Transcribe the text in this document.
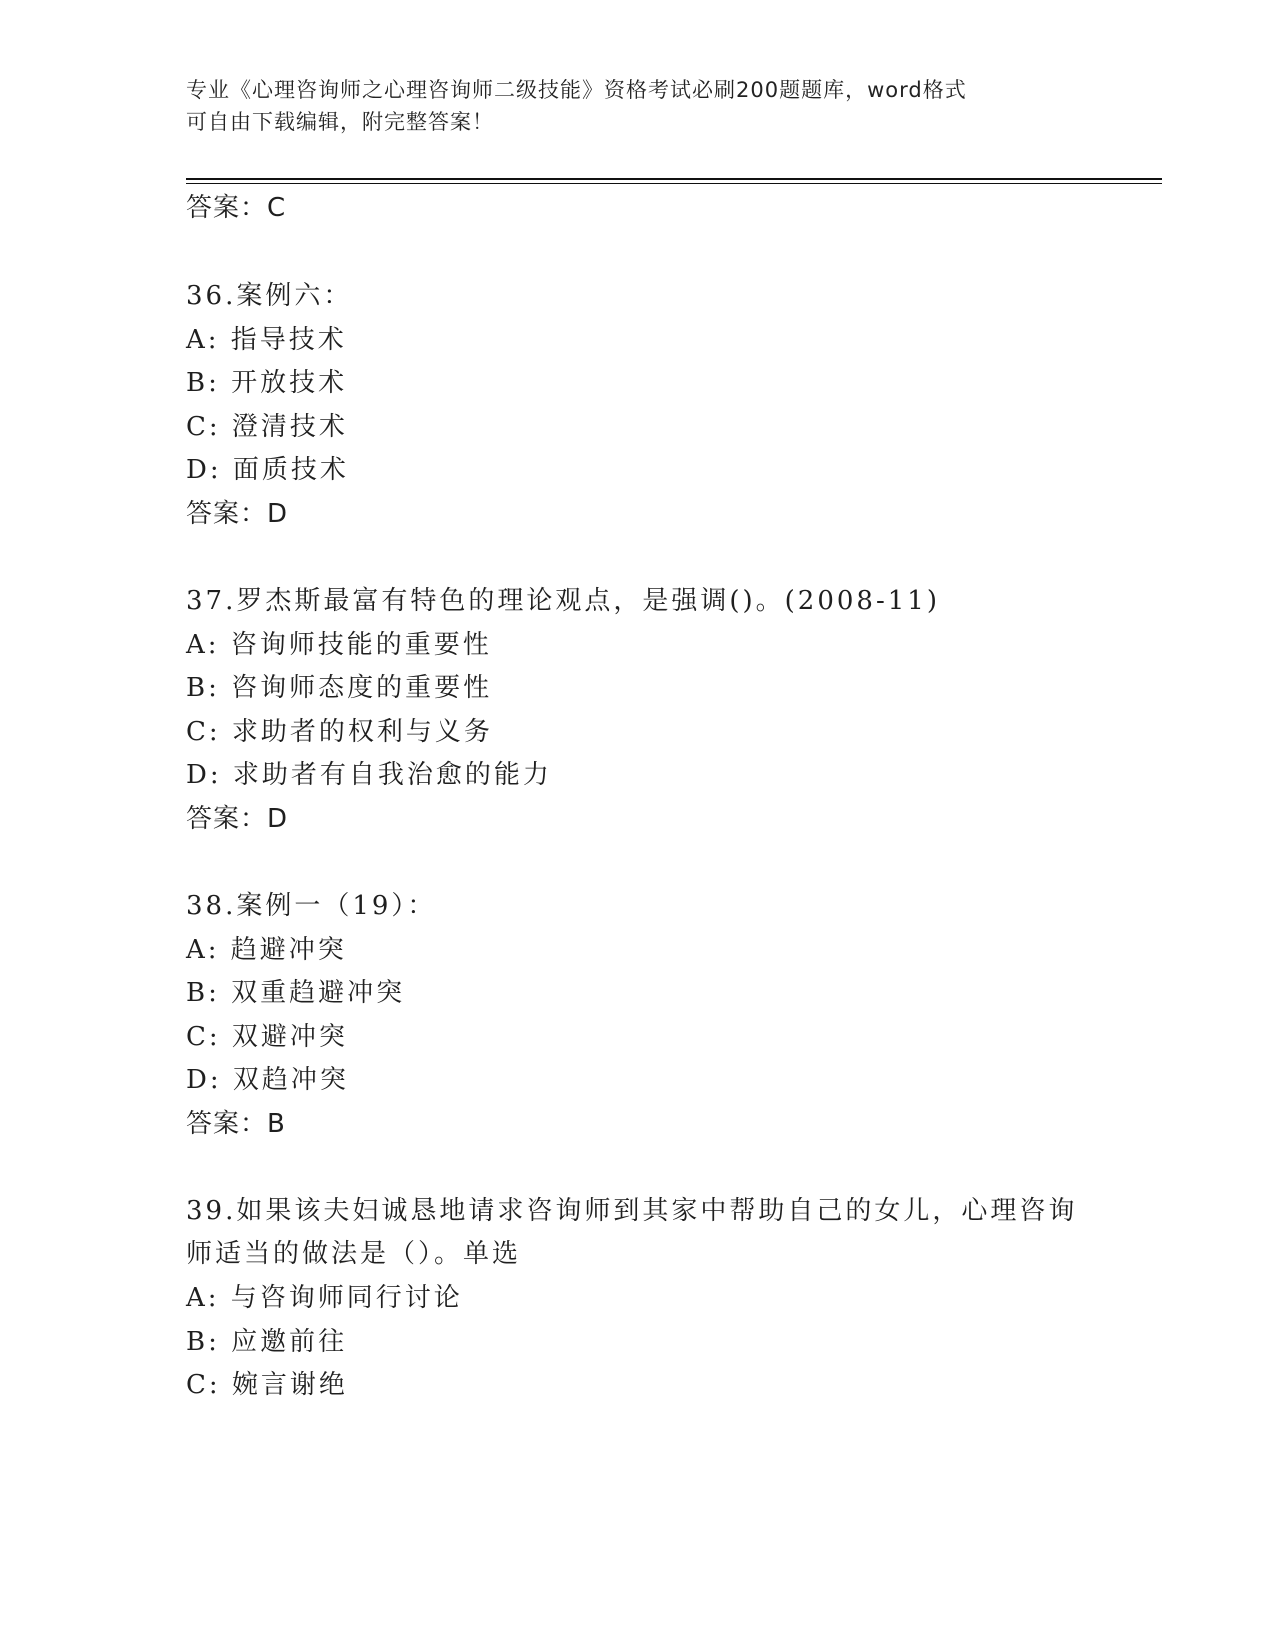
专业《心理咨询师之心理咨询师二级技能》资格考试必刷200题题库，word格式
可自由下载编辑，附完整答案！
答案：C
36.案例六：
A: 指导技术
B: 开放技术
C: 澄清技术
D: 面质技术
答案：D
37.罗杰斯最富有特色的理论观点，是强调()。(2008-11)
A: 咨询师技能的重要性
B: 咨询师态度的重要性
C: 求助者的权利与义务
D: 求助者有自我治愈的能力
答案：D
38.案例一（19）：
A: 趋避冲突
B: 双重趋避冲突
C: 双避冲突
D: 双趋冲突
答案：B
39.如果该夫妇诚恳地请求咨询师到其家中帮助自己的女儿，心理咨询
师适当的做法是（）。单选
A: 与咨询师同行讨论
B: 应邀前往
C: 婉言谢绝
